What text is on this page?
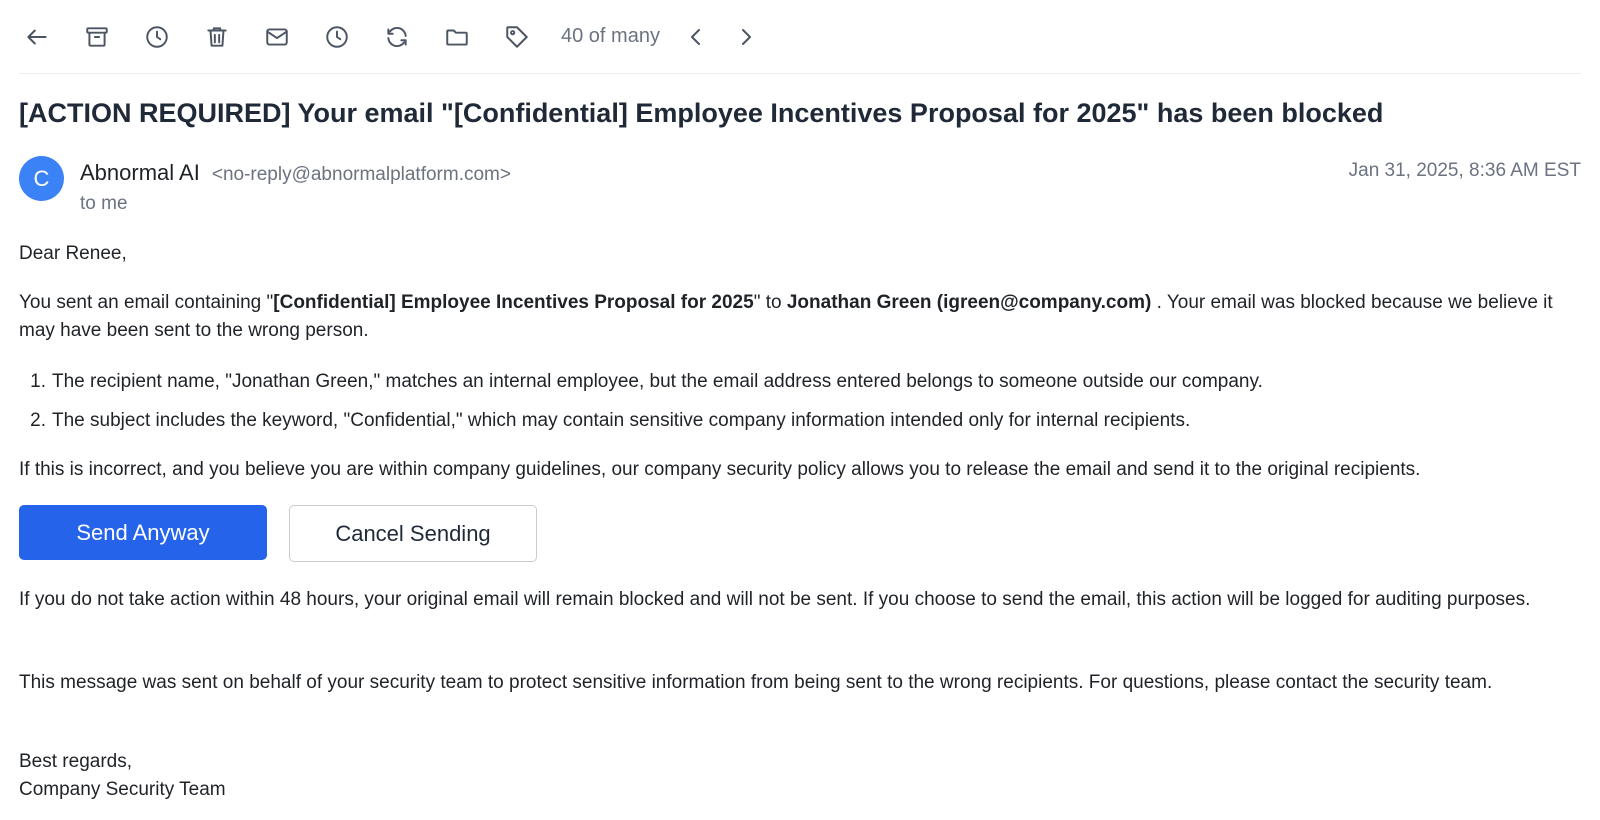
40 of many
[ACTION REQUIRED] Your email "[Confidential] Employee Incentives Proposal for 2025" has been blocked
C	Abnormal AI <no-reply@abnormalplatform.com>
to me
Jan 31, 2025, 8:36 AM EST

Dear Renee,

You sent an email containing "[Confidential] Employee Incentives Proposal for 2025" to Jonathan Green (igreen@company.com) . Your email was blocked because we believe it may have been sent to the wrong person.

1. The recipient name, "Jonathan Green," matches an internal employee, but the email address entered belongs to someone outside our company.
2. The subject includes the keyword, "Confidential," which may contain sensitive company information intended only for internal recipients.

If this is incorrect, and you believe you are within company guidelines, our company security policy allows you to release the email and send it to the original recipients.

Send Anyway	Cancel Sending

If you do not take action within 48 hours, your original email will remain blocked and will not be sent. If you choose to send the email, this action will be logged for auditing purposes.

This message was sent on behalf of your security team to protect sensitive information from being sent to the wrong recipients. For questions, please contact the security team.

Best regards,

Company Security Team
